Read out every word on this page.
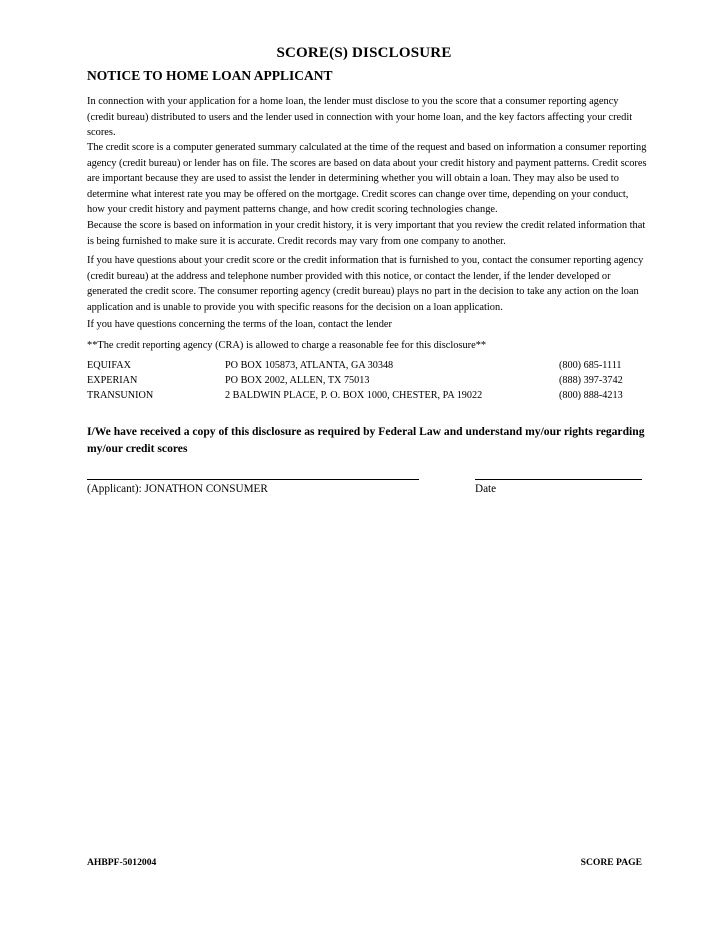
SCORE(S) DISCLOSURE
NOTICE TO HOME LOAN APPLICANT

In connection with your application for a home loan, the lender must disclose to you the score that a consumer reporting agency (credit bureau) distributed to users and the lender used in connection with your home loan, and the key factors affecting your credit scores.

The credit score is a computer generated summary calculated at the time of the request and based on information a consumer reporting agency (credit bureau) or lender has on file. The scores are based on data about your credit history and payment patterns. Credit scores are important because they are used to assist the lender in determining whether you will obtain a loan. They may also be used to determine what interest rate you may be offered on the mortgage. Credit scores can change over time, depending on your conduct, how your credit history and payment patterns change, and how credit scoring technologies change.

Because the score is based on information in your credit history, it is very important that you review the credit related information that is being furnished to make sure it is accurate. Credit records may vary from one company to another.

If you have questions about your credit score or the credit information that is furnished to you, contact the consumer reporting agency (credit bureau) at the address and telephone number provided with this notice, or contact the lender, if the lender developed or generated the credit score. The consumer reporting agency (credit bureau) plays no part in the decision to take any action on the loan application and is unable to provide you with specific reasons for the decision on a loan application.

If you have questions concerning the terms of the loan, contact the lender

**The credit reporting agency (CRA) is allowed to charge a reasonable fee for this disclosure**

EQUIFAX	PO BOX 105873, ATLANTA, GA 30348	(800) 685-1111
EXPERIAN	PO BOX 2002, ALLEN, TX 75013	(888) 397-3742
TRANSUNION	2 BALDWIN PLACE, P. O. BOX 1000, CHESTER, PA 19022	(800) 888-4213

I/We have received a copy of this disclosure as required by Federal Law and understand my/our rights regarding my/our credit scores

(Applicant): JONATHON CONSUMER	Date
AHBPF-5012004	SCORE PAGE
